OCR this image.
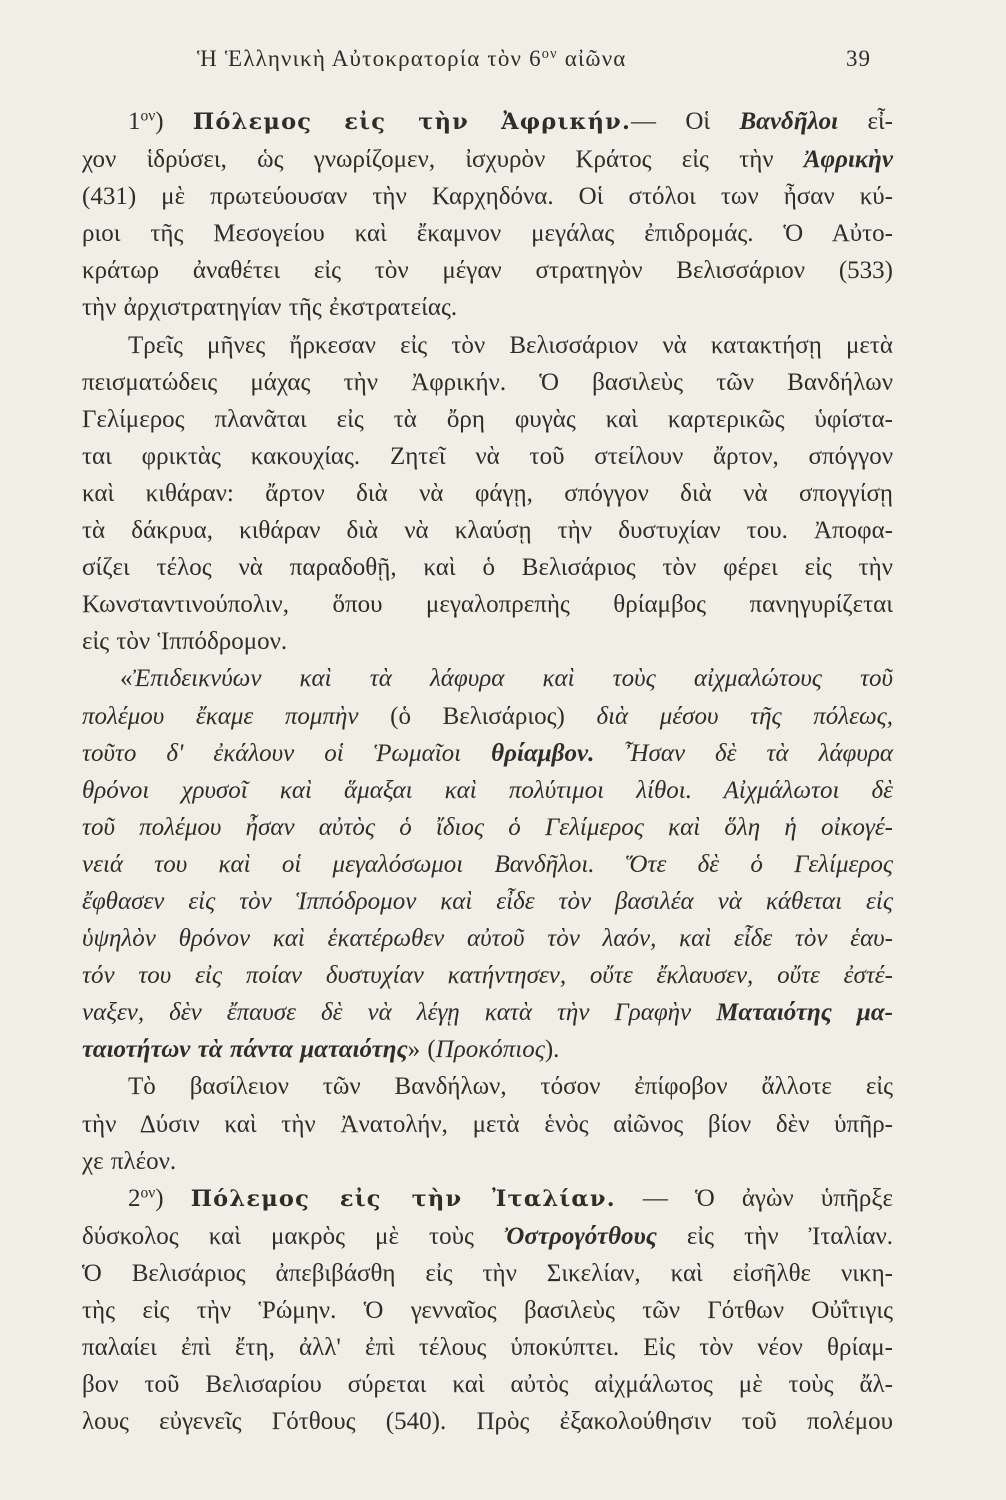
Ἡ Ἑλληνικὴ Αὐτοκρατορία τὸν $6^{o\nu}$ αἰῶνα	39
$1^{o\nu}$) Πόλεμος εἰς τὴν Ἀφρικήν.— Οἱ Βανδῆλοι εἶ-
χον ἱδρύσει, ὡς γνωρίζομεν, ἰσχυρὸν Κράτος εἰς τὴν Ἀφρικὴν
(431) μὲ πρωτεύουσαν τὴν Καρχηδόνα. Οἱ στόλοι των ἦσαν κύ-
ριοι τῆς Μεσογείου καὶ ἔκαμνον μεγάλας ἐπιδρομάς. Ὁ Αὐτο-
κράτωρ ἀναθέτει εἰς τὸν μέγαν στρατηγὸν Βελισσάριον (533)
τὴν ἀρχιστρατηγίαν τῆς ἐκστρατείας.
Τρεῖς μῆνες ἤρκεσαν εἰς τὸν Βελισσάριον νὰ κατακτήσῃ μετὰ
πεισματώδεις μάχας τὴν Ἀφρικήν. Ὁ βασιλεὺς τῶν Βανδήλων
Γελίμερος πλανᾶται εἰς τὰ ὄρη φυγὰς καὶ καρτερικῶς ὑφίστα-
ται φρικτὰς κακουχίας. Ζητεῖ νὰ τοῦ στείλουν ἄρτον, σπόγγον
καὶ κιθάραν: ἄρτον διὰ νὰ φάγῃ, σπόγγον διὰ νὰ σπογγίσῃ
τὰ δάκρυα, κιθάραν διὰ νὰ κλαύσῃ τὴν δυστυχίαν του. Ἀποφα-
σίζει τέλος νὰ παραδοθῇ, καὶ ὁ Βελισάριος τὸν φέρει εἰς τὴν
Κωνσταντινούπολιν, ὅπου μεγαλοπρεπὴς θρίαμβος πανηγυρίζεται
εἰς τὸν Ἱππόδρομον.
«Ἐπιδεικνύων καὶ τὰ λάφυρα καὶ τοὺς αἰχμαλώτους τοῦ
πολέμου ἔκαμε πομπὴν (ὁ Βελισάριος) διὰ μέσου τῆς πόλεως,
τοῦτο δ' ἐκάλουν οἱ Ῥωμαῖοι θρίαμβον. Ἦσαν δὲ τὰ λάφυρα
θρόνοι χρυσοῖ καὶ ἅμαξαι καὶ πολύτιμοι λίθοι. Αἰχμάλωτοι δὲ
τοῦ πολέμου ἦσαν αὐτὸς ὁ ἴδιος ὁ Γελίμερος καὶ ὅλη ἡ οἰκογέ-
νειά του καὶ οἱ μεγαλόσωμοι Βανδῆλοι. Ὅτε δὲ ὁ Γελίμερος
ἔφθασεν εἰς τὸν Ἱππόδρομον καὶ εἶδε τὸν βασιλέα νὰ κάθεται εἰς
ὑψηλὸν θρόνον καὶ ἑκατέρωθεν αὐτοῦ τὸν λαόν, καὶ εἶδε τὸν ἑαυ-
τόν του εἰς ποίαν δυστυχίαν κατήντησεν, οὔτε ἔκλαυσεν, οὔτε ἐστέ-
ναξεν, δὲν ἔπαυσε δὲ νὰ λέγῃ κατὰ τὴν Γραφὴν Ματαιότης μα-
ταιοτήτων τὰ πάντα ματαιότης» (Προκόπιος).
Τὸ βασίλειον τῶν Βανδήλων, τόσον ἐπίφοβον ἄλλοτε εἰς
τὴν Δύσιν καὶ τὴν Ἀνατολήν, μετὰ ἑνὸς αἰῶνος βίον δὲν ὑπῆρ-
χε πλέον.
$2^{o\nu}$) Πόλεμος εἰς τὴν Ἰταλίαν. — Ὁ ἀγὼν ὑπῆρξε
δύσκολος καὶ μακρὸς μὲ τοὺς Ὀστρογότθους εἰς τὴν Ἰταλίαν.
Ὁ Βελισάριος ἀπεβιβάσθη εἰς τὴν Σικελίαν, καὶ εἰσῆλθε νικη-
τὴς εἰς τὴν Ῥώμην. Ὁ γενναῖος βασιλεὺς τῶν Γότθων Οὐΐτιγις
παλαίει ἐπὶ ἔτη, ἀλλ' ἐπὶ τέλους ὑποκύπτει. Εἰς τὸν νέον θρίαμ-
βον τοῦ Βελισαρίου σύρεται καὶ αὐτὸς αἰχμάλωτος μὲ τοὺς ἄλ-
λους εὐγενεῖς Γότθους (540). Πρὸς ἐξακολούθησιν τοῦ πολέμου
